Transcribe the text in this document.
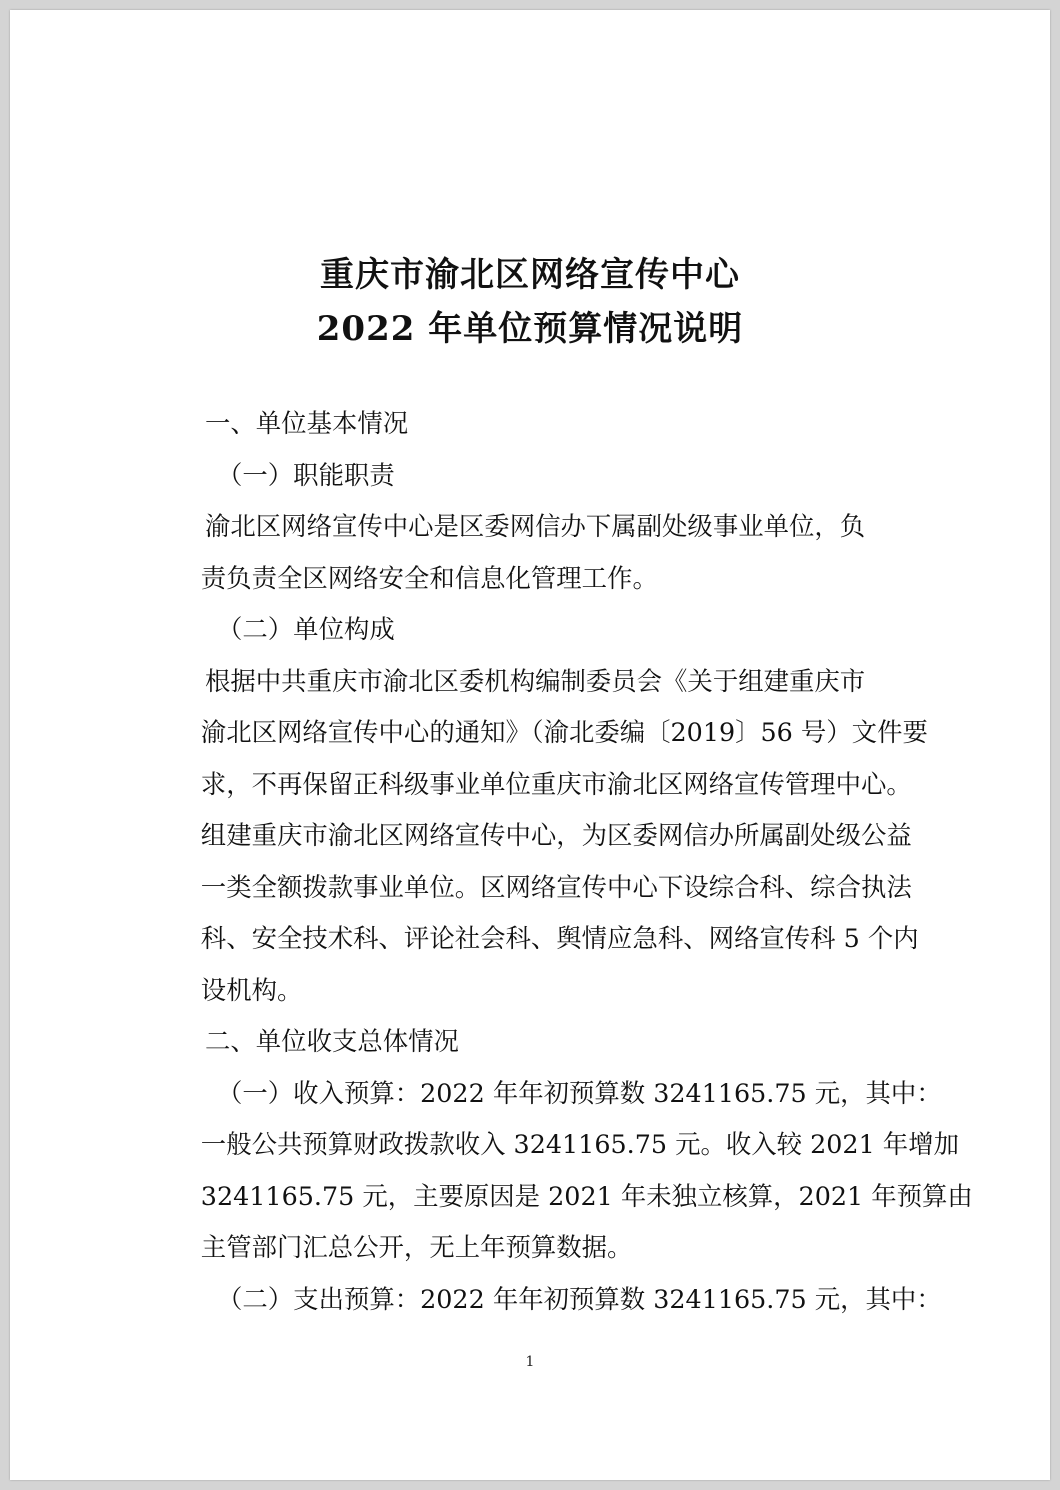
重庆市渝北区网络宣传中心
2022 年单位预算情况说明

一、单位基本情况

（一）职能职责

渝北区网络宣传中心是区委网信办下属副处级事业单位，负
责负责全区网络安全和信息化管理工作。

（二）单位构成

根据中共重庆市渝北区委机构编制委员会《关于组建重庆市
渝北区网络宣传中心的通知》（渝北委编〔2019〕56 号）文件要
求，不再保留正科级事业单位重庆市渝北区网络宣传管理中心。
组建重庆市渝北区网络宣传中心，为区委网信办所属副处级公益
一类全额拨款事业单位。区网络宣传中心下设综合科、综合执法
科、安全技术科、评论社会科、舆情应急科、网络宣传科 5 个内
设机构。

二、单位收支总体情况

（一）收入预算：2022 年年初预算数 3241165.75 元，其中：
一般公共预算财政拨款收入 3241165.75 元。收入较 2021 年增加
3241165.75 元，主要原因是 2021 年未独立核算，2021 年预算由
主管部门汇总公开，无上年预算数据。
（二）支出预算：2022 年年初预算数 3241165.75 元，其中：
1
